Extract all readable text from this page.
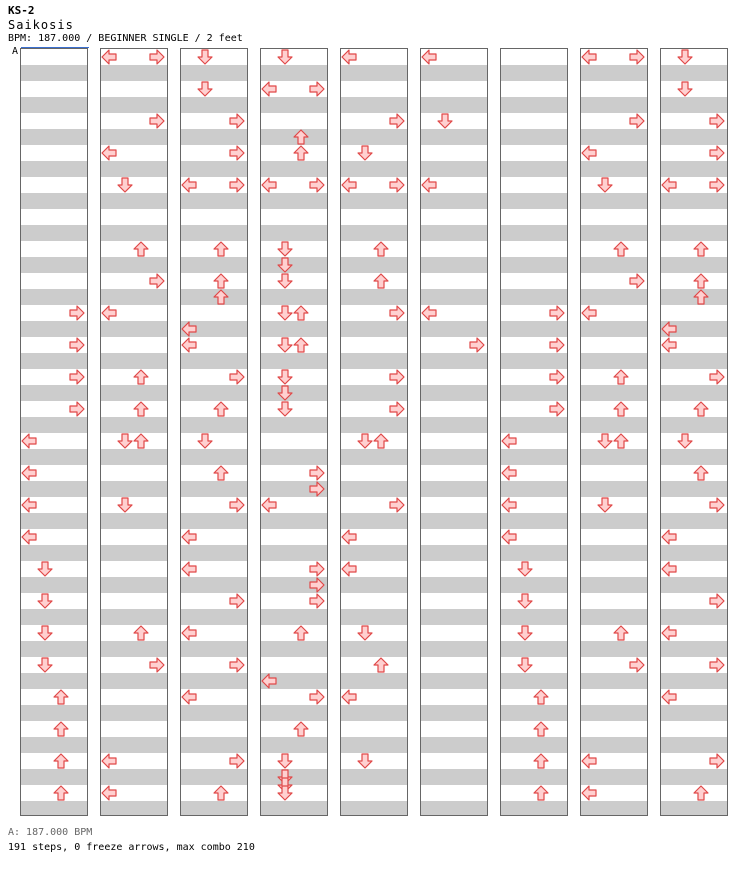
KS-2
Saikosis
BPM: 187.000 / BEGINNER SINGLE / 2 feet
A
A: 187.000 BPM
191 steps, 0 freeze arrows, max combo 210
